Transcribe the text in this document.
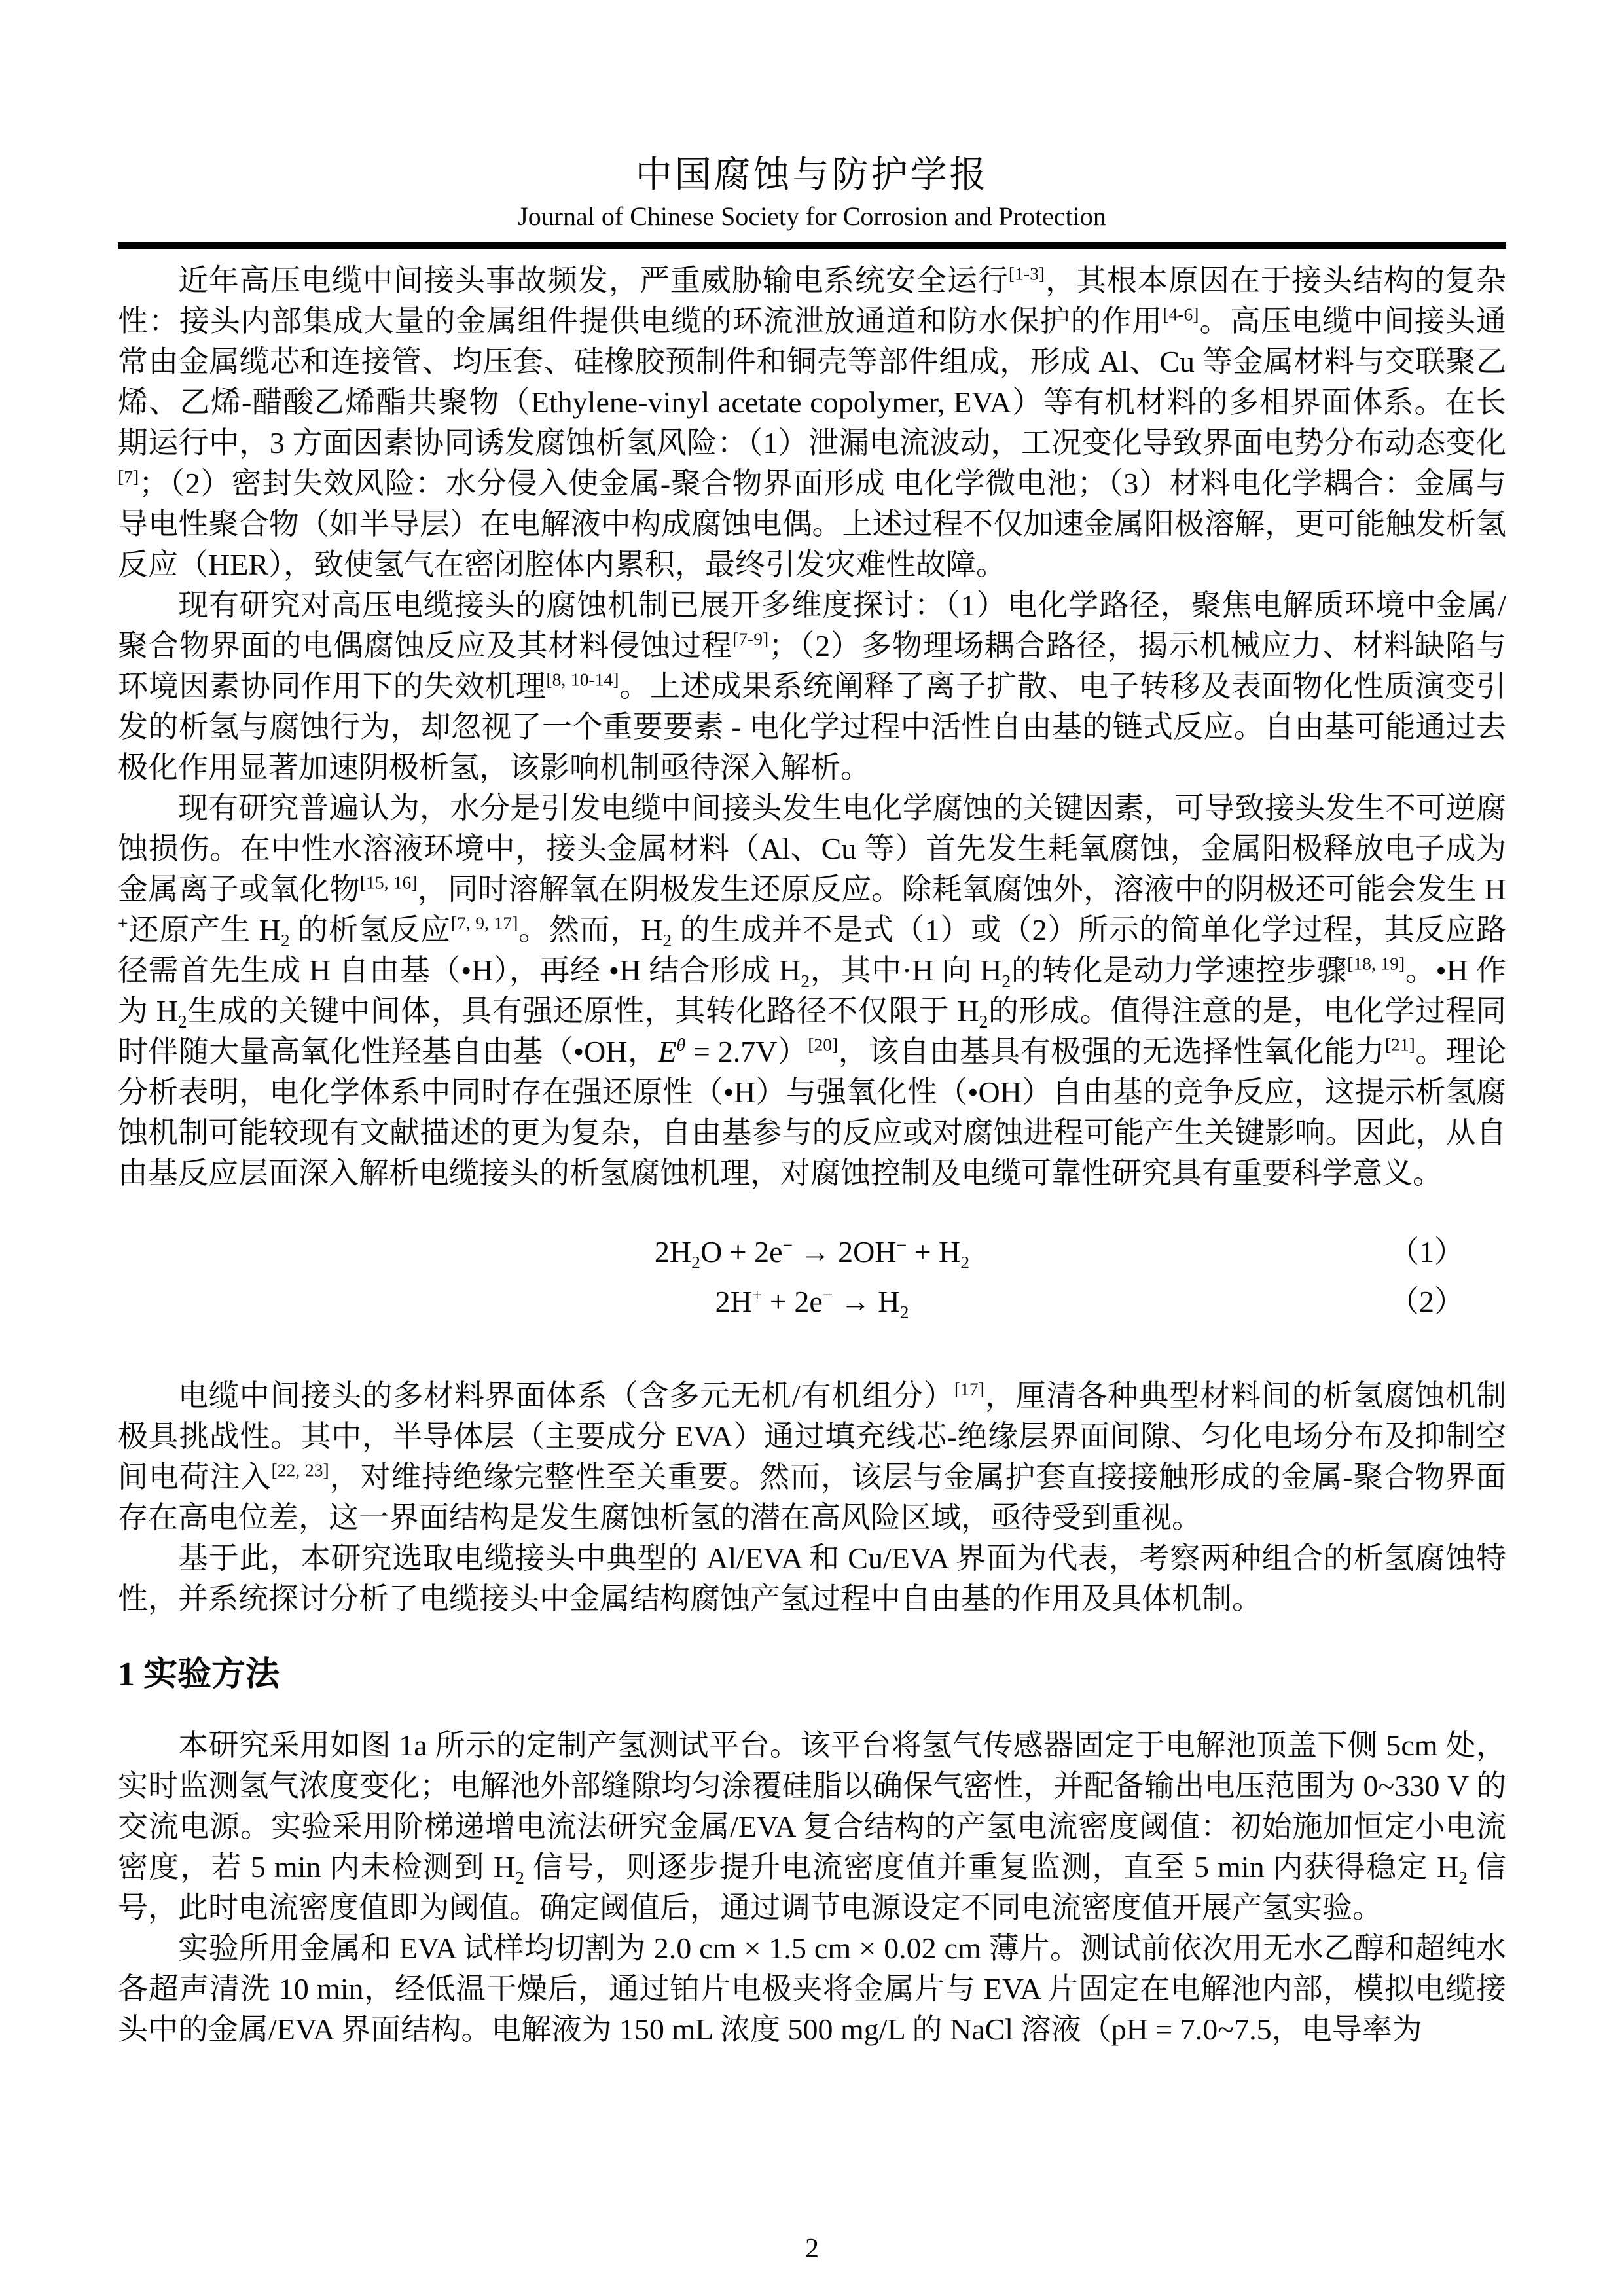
中国腐蚀与防护学报
Journal of Chinese Society for Corrosion and Protection

近年高压电缆中间接头事故频发，严重威胁输电系统安全运行[1-3]，其根本原因在于接头结构的复杂性：接头内部集成大量的金属组件提供电缆的环流泄放通道和防水保护的作用[4-6]。高压电缆中间接头通常由金属缆芯和连接管、均压套、硅橡胶预制件和铜壳等部件组成，形成 Al、Cu 等金属材料与交联聚乙烯、乙烯-醋酸乙烯酯共聚物（Ethylene-vinyl acetate copolymer, EVA）等有机材料的多相界面体系。在长期运行中，3 方面因素协同诱发腐蚀析氢风险：（1）泄漏电流波动，工况变化导致界面电势分布动态变化[7]；（2）密封失效风险：水分侵入使金属-聚合物界面形成 电化学微电池；（3）材料电化学耦合：金属与导电性聚合物（如半导层）在电解液中构成腐蚀电偶。上述过程不仅加速金属阳极溶解，更可能触发析氢反应（HER），致使氢气在密闭腔体内累积，最终引发灾难性故障。

现有研究对高压电缆接头的腐蚀机制已展开多维度探讨：（1）电化学路径，聚焦电解质环境中金属/聚合物界面的电偶腐蚀反应及其材料侵蚀过程[7-9]；（2）多物理场耦合路径，揭示机械应力、材料缺陷与环境因素协同作用下的失效机理[8, 10-14]。上述成果系统阐释了离子扩散、电子转移及表面物化性质演变引发的析氢与腐蚀行为，却忽视了一个重要要素 - 电化学过程中活性自由基的链式反应。自由基可能通过去极化作用显著加速阴极析氢，该影响机制亟待深入解析。

现有研究普遍认为，水分是引发电缆中间接头发生电化学腐蚀的关键因素，可导致接头发生不可逆腐蚀损伤。在中性水溶液环境中，接头金属材料（Al、Cu 等）首先发生耗氧腐蚀，金属阳极释放电子成为金属离子或氧化物[15, 16]，同时溶解氧在阴极发生还原反应。除耗氧腐蚀外，溶液中的阴极还可能会发生 H+还原产生 $H_2$ 的析氢反应[7, 9, 17]。然而，$H_2$ 的生成并不是式（1）或（2）所示的简单化学过程，其反应路径需首先生成 H 自由基（•H），再经 •H 结合形成 $H_2$，其中·H 向 $H_2$的转化是动力学速控步骤[18, 19]。•H 作为 $H_2$生成的关键中间体，具有强还原性，其转化路径不仅限于 $H_2$的形成。值得注意的是，电化学过程同时伴随大量高氧化性羟基自由基（•OH，$E^\theta = 2.7V)[20]$，该自由基具有极强的无选择性氧化能力[21]。理论分析表明，电化学体系中同时存在强还原性（•H）与强氧化性（•OH）自由基的竞争反应，这提示析氢腐蚀机制可能较现有文献描述的更为复杂，自由基参与的反应或对腐蚀进程可能产生关键影响。因此，从自由基反应层面深入解析电缆接头的析氢腐蚀机理，对腐蚀控制及电缆可靠性研究具有重要科学意义。

$2H_2O + 2e^- \to 2OH^- + H_2$	（1）
$2H^+ + 2e^- \to H_2$	（2）

电缆中间接头的多材料界面体系（含多元无机/有机组分）[17]，厘清各种典型材料间的析氢腐蚀机制极具挑战性。其中，半导体层（主要成分 EVA）通过填充线芯-绝缘层界面间隙、匀化电场分布及抑制空间电荷注入[22, 23]，对维持绝缘完整性至关重要。然而，该层与金属护套直接接触形成的金属-聚合物界面存在高电位差，这一界面结构是发生腐蚀析氢的潜在高风险区域，亟待受到重视。

基于此，本研究选取电缆接头中典型的 Al/EVA 和 Cu/EVA 界面为代表，考察两种组合的析氢腐蚀特性，并系统探讨分析了电缆接头中金属结构腐蚀产氢过程中自由基的作用及具体机制。

1 实验方法

本研究采用如图 1a 所示的定制产氢测试平台。该平台将氢气传感器固定于电解池顶盖下侧 5cm 处，实时监测氢气浓度变化；电解池外部缝隙均匀涂覆硅脂以确保气密性，并配备输出电压范围为 0~330 V 的交流电源。实验采用阶梯递增电流法研究金属/EVA 复合结构的产氢电流密度阈值：初始施加恒定小电流密度，若 5 min 内未检测到 $H_2$ 信号，则逐步提升电流密度值并重复监测，直至 5 min 内获得稳定 $H_2$ 信号，此时电流密度值即为阈值。确定阈值后，通过调节电源设定不同电流密度值开展产氢实验。

实验所用金属和 EVA 试样均切割为 2.0 cm × 1.5 cm × 0.02 cm 薄片。测试前依次用无水乙醇和超纯水各超声清洗 10 min，经低温干燥后，通过铂片电极夹将金属片与 EVA 片固定在电解池内部，模拟电缆接头中的金属/EVA 界面结构。电解液为 150 mL 浓度 500 mg/L 的 NaCl 溶液（pH = 7.0~7.5，电导率为

2
